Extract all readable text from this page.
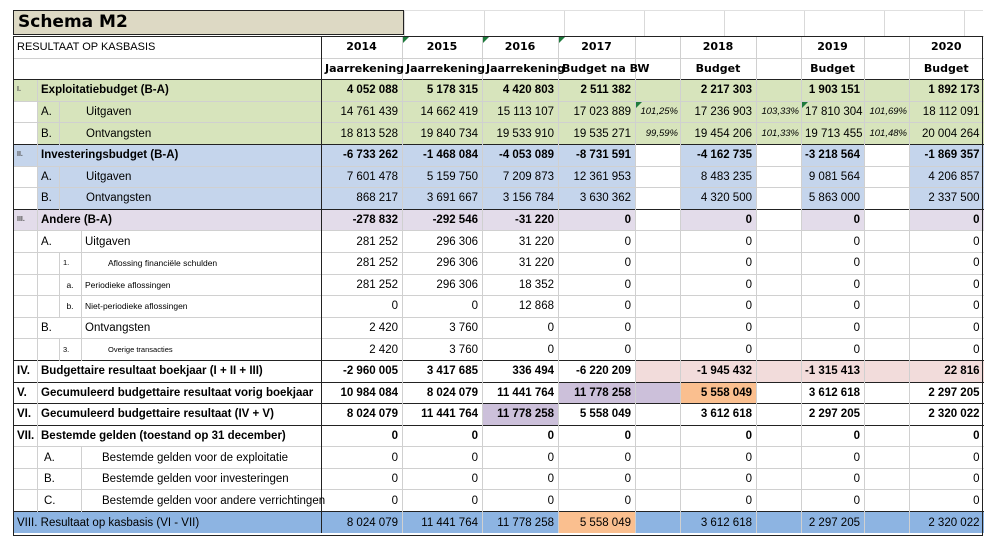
Schema M2
RESULTAAT OP KASBASIS				2014	2015	2016	2017		2018		2019		2020
				Jaarrekening	Jaarrekening	Jaarrekening	Budget na BW		Budget		Budget		Budget
I.	Exploitatiebudget (B-A)			4 052 088	5 178 315	4 420 803	2 511 382		2 217 303		1 903 151		1 892 173
	A.	Uitgaven		14 761 439	14 662 419	15 113 107	17 023 889	101,25%	17 236 903	103,33%	17 810 304	101,69%	18 112 091
	B.	Ontvangsten		18 813 528	19 840 734	19 533 910	19 535 271	99,59%	19 454 206	101,33%	19 713 455	101,48%	20 004 264
II.	Investeringsbudget (B-A)			-6 733 262	-1 468 084	-4 053 089	-8 731 591		-4 162 735		-3 218 564		-1 869 357
	A.	Uitgaven		7 601 478	5 159 750	7 209 873	12 361 953		8 483 235		9 081 564		4 206 857
	B.	Ontvangsten		868 217	3 691 667	3 156 784	3 630 362		4 320 500		5 863 000		2 337 500
III.	Andere (B-A)			-278 832	-292 546	-31 220	0		0		0		0
	A.		Uitgaven	281 252	296 306	31 220	0		0		0		0
		1.	Aflossing financiële schulden	281 252	296 306	31 220	0		0		0		0
		a.	Periodieke aflossingen	281 252	296 306	18 352	0		0		0		0
		b.	Niet-periodieke aflossingen	0	0	12 868	0		0		0		0
	B.		Ontvangsten	2 420	3 760	0	0		0		0		0
		3.	Overige transacties	2 420	3 760	0	0		0		0		0
IV.	Budgettaire resultaat boekjaar (I + II + III)			-2 960 005	3 417 685	336 494	-6 220 209		-1 945 432		-1 315 413		22 816
V.	Gecumuleerd budgettaire resultaat vorig boekjaar			10 984 084	8 024 079	11 441 764	11 778 258		5 558 049		3 612 618		2 297 205
VI.	Gecumuleerd budgettaire resultaat (IV + V)			8 024 079	11 441 764	11 778 258	5 558 049		3 612 618		2 297 205		2 320 022
VII.	Bestemde gelden (toestand op 31 december)			0	0	0	0		0		0		0
	A.		Bestemde gelden voor de exploitatie	0	0	0	0		0		0		0
	B.		Bestemde gelden voor investeringen	0	0	0	0		0		0		0
	C.		Bestemde gelden voor andere verrichtingen	0	0	0	0		0		0		0
VIII. Resultaat op kasbasis (VI - VII)				8 024 079	11 441 764	11 778 258	5 558 049		3 612 618		2 297 205		2 320 022
